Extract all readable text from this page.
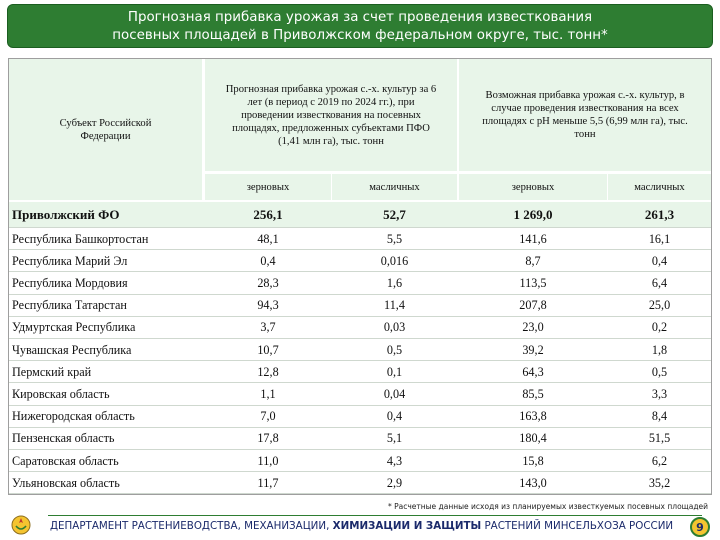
Прогнозная прибавка урожая за счет проведения известкования
посевных площадей в Приволжском федеральном округе, тыс. тонн*
Субъект Российской Федерации
Прогнозная прибавка урожая с.-х. культур за 6 лет (в период с 2019 по 2024 гг.), при проведении известкования на посевных площадях, предложенных субъектами ПФО (1,41 млн га), тыс. тонн
Возможная прибавка урожая с.-х. культур, в случае проведения известкования на всех площадях с рН меньше 5,5 (6,99 млн га), тыс. тонн
зерновых	масличных	зерновых	масличных
Приволжский ФО	256,1	52,7	1 269,0	261,3
Республика Башкортостан	48,1	5,5	141,6	16,1
Республика Марий Эл	0,4	0,016	8,7	0,4
Республика Мордовия	28,3	1,6	113,5	6,4
Республика Татарстан	94,3	11,4	207,8	25,0
Удмуртская Республика	3,7	0,03	23,0	0,2
Чувашская Республика	10,7	0,5	39,2	1,8
Пермский край	12,8	0,1	64,3	0,5
Кировская область	1,1	0,04	85,5	3,3
Нижегородская область	7,0	0,4	163,8	8,4
Пензенская область	17,8	5,1	180,4	51,5
Саратовская область	11,0	4,3	15,8	6,2
Ульяновская область	11,7	2,9	143,0	35,2
* Расчетные данные исходя из планируемых известкуемых посевных площадей
ДЕПАРТАМЕНТ РАСТЕНИЕВОДСТВА, МЕХАНИЗАЦИИ, ХИМИЗАЦИИ И ЗАЩИТЫ РАСТЕНИЙ МИНСЕЛЬХОЗА РОССИИ	9
